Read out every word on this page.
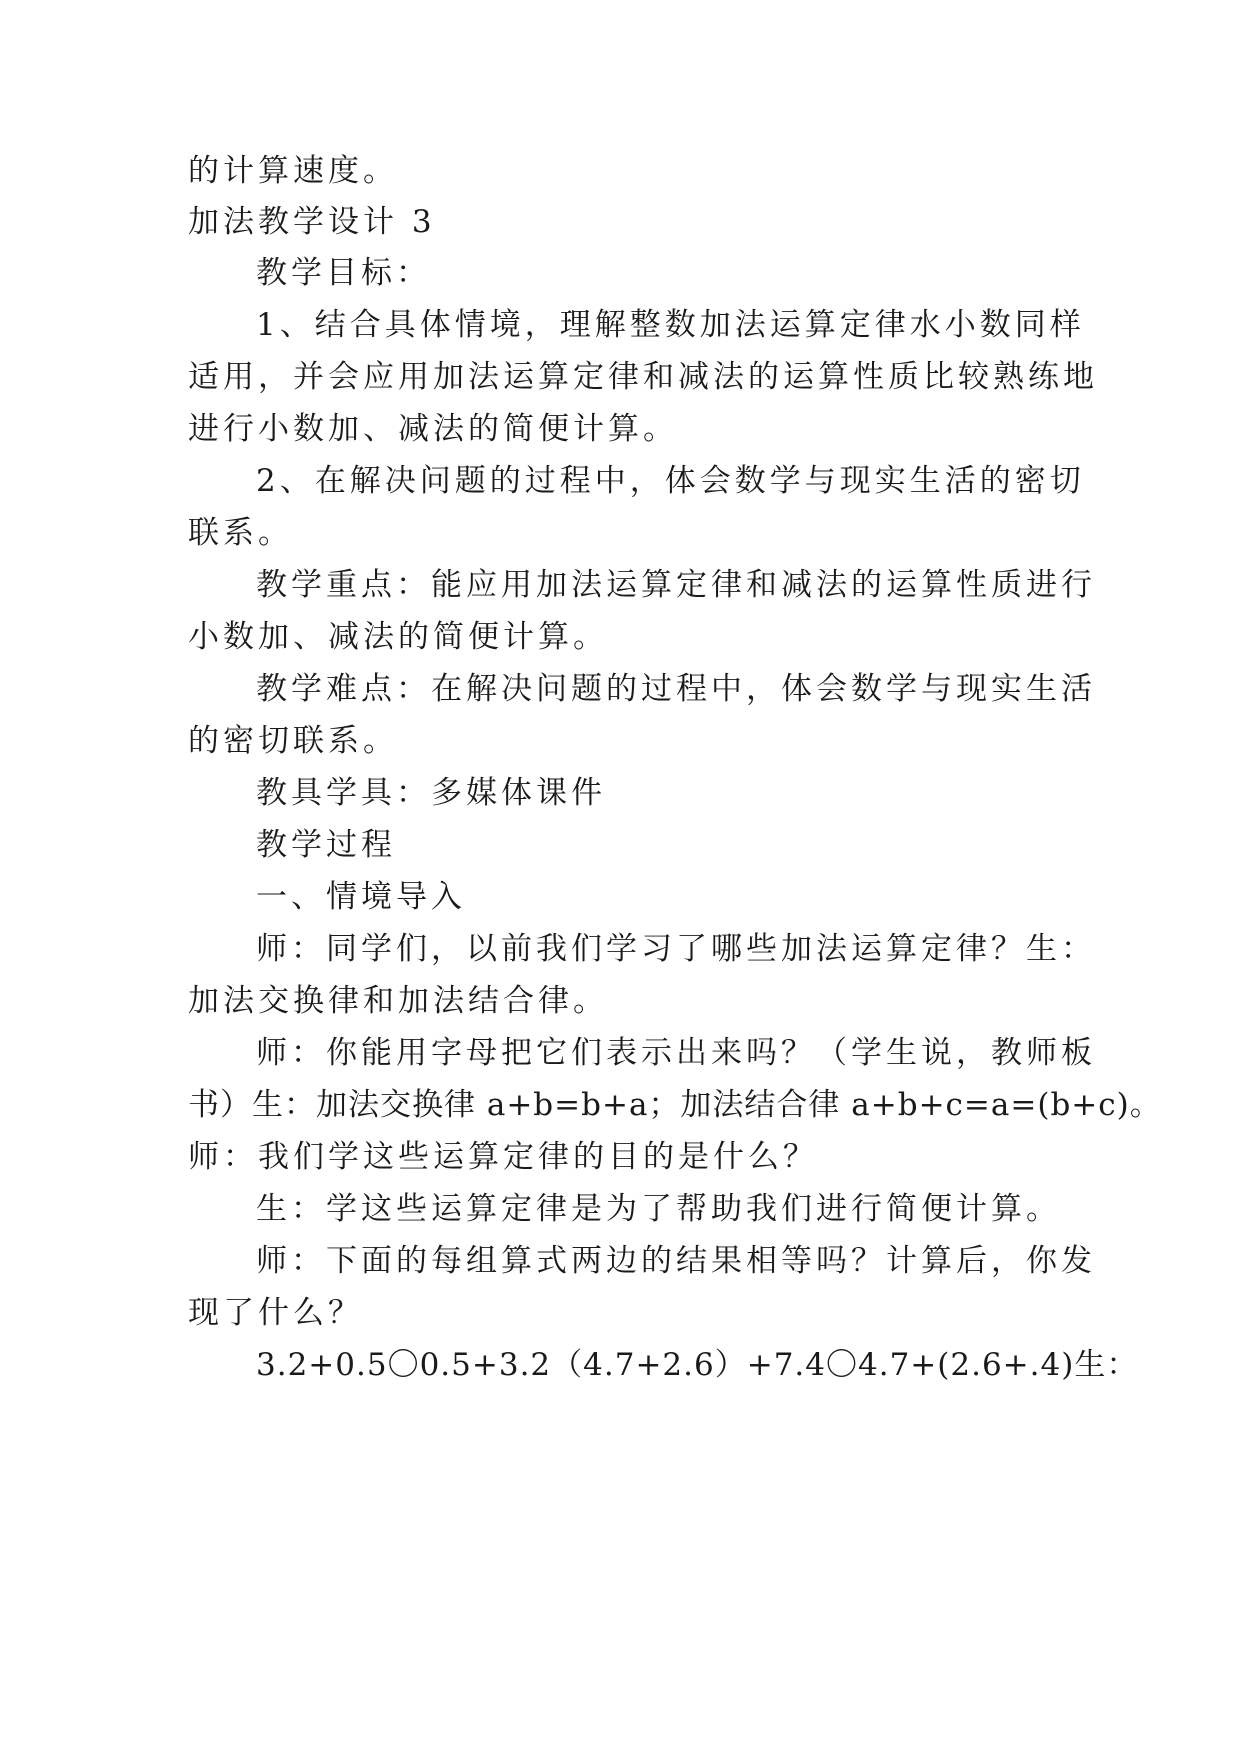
的计算速度。
加法教学设计 3
教学目标：
1、结合具体情境，理解整数加法运算定律水小数同样
适用，并会应用加法运算定律和减法的运算性质比较熟练地
进行小数加、减法的简便计算。
2、在解决问题的过程中，体会数学与现实生活的密切
联系。
教学重点：能应用加法运算定律和减法的运算性质进行
小数加、减法的简便计算。
教学难点：在解决问题的过程中，体会数学与现实生活
的密切联系。
教具学具：多媒体课件
教学过程
一、情境导入
师：同学们，以前我们学习了哪些加法运算定律？生：
加法交换律和加法结合律。
师：你能用字母把它们表示出来吗？（学生说，教师板
书）生：加法交换律 a+b=b+a；加法结合律 a+b+c=a=(b+c)。
师：我们学这些运算定律的目的是什么？
生：学这些运算定律是为了帮助我们进行简便计算。
师：下面的每组算式两边的结果相等吗？计算后，你发
现了什么？
3.2+0.5〇0.5+3.2（4.7+2.6）+7.4〇4.7+(2.6+.4)生：
